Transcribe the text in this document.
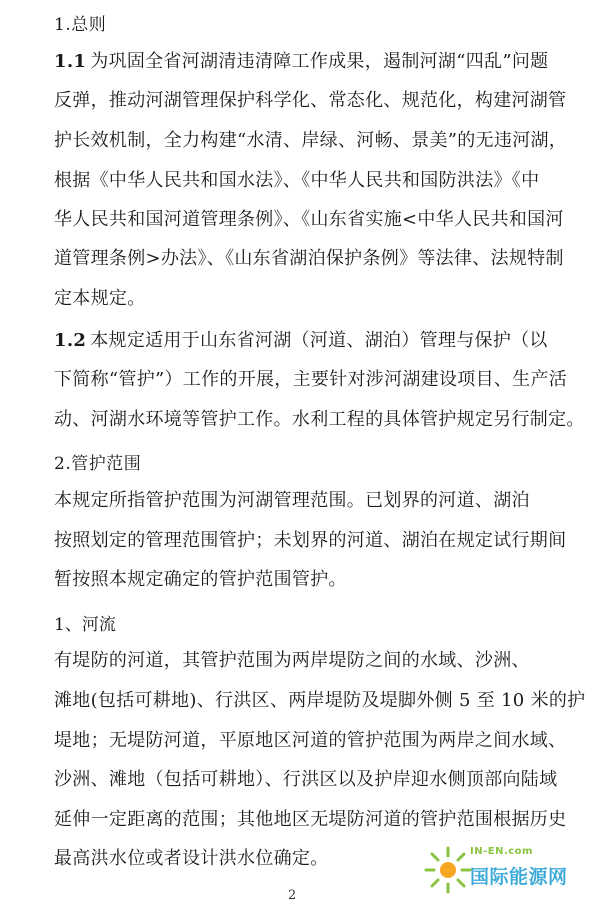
1.总则
1.1 为巩固全省河湖清违清障工作成果，遏制河湖“四乱”问题
反弹，推动河湖管理保护科学化、常态化、规范化，构建河湖管
护长效机制，全力构建“水清、岸绿、河畅、景美”的无违河湖，
根据《中华人民共和国水法》、《中华人民共和国防洪法》《中
华人民共和国河道管理条例》、《山东省实施<中华人民共和国河
道管理条例>办法》、《山东省湖泊保护条例》等法律、法规特制
定本规定。
1.2 本规定适用于山东省河湖（河道、湖泊）管理与保护（以
下简称“管护”）工作的开展，主要针对涉河湖建设项目、生产活
动、河湖水环境等管护工作。水利工程的具体管护规定另行制定。
2.管护范围
本规定所指管护范围为河湖管理范围。已划界的河道、湖泊
按照划定的管理范围管护；未划界的河道、湖泊在规定试行期间
暂按照本规定确定的管护范围管护。
1、河流
有堤防的河道，其管护范围为两岸堤防之间的水域、沙洲、
滩地(包括可耕地)、行洪区、两岸堤防及堤脚外侧 5 至 10 米的护
堤地；无堤防河道，平原地区河道的管护范围为两岸之间水域、
沙洲、滩地（包括可耕地）、行洪区以及护岸迎水侧顶部向陆域
延伸一定距离的范围；其他地区无堤防河道的管护范围根据历史
最高洪水位或者设计洪水位确定。
2
IN-EN.com
国际能源网
